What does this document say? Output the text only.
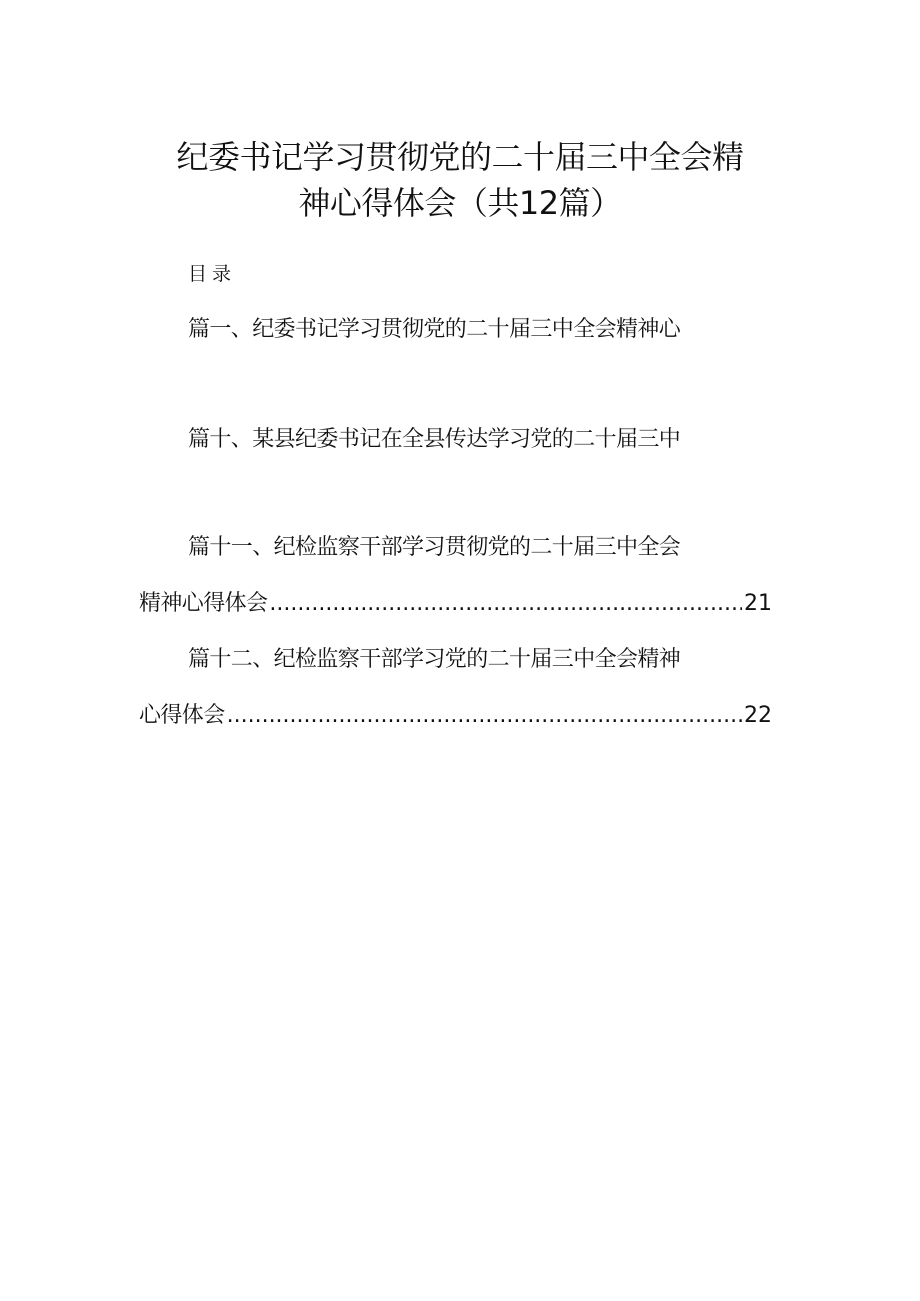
纪委书记学习贯彻党的二十届三中全会精
神心得体会（共12篇）
目录
篇一、纪委书记学习贯彻党的二十届三中全会精神心
篇十、某县纪委书记在全县传达学习党的二十届三中
篇十一、纪检监察干部学习贯彻党的二十届三中全会
精神心得体会 .....	21
篇十二、纪检监察干部学习党的二十届三中全会精神
心得体会 .....	22
